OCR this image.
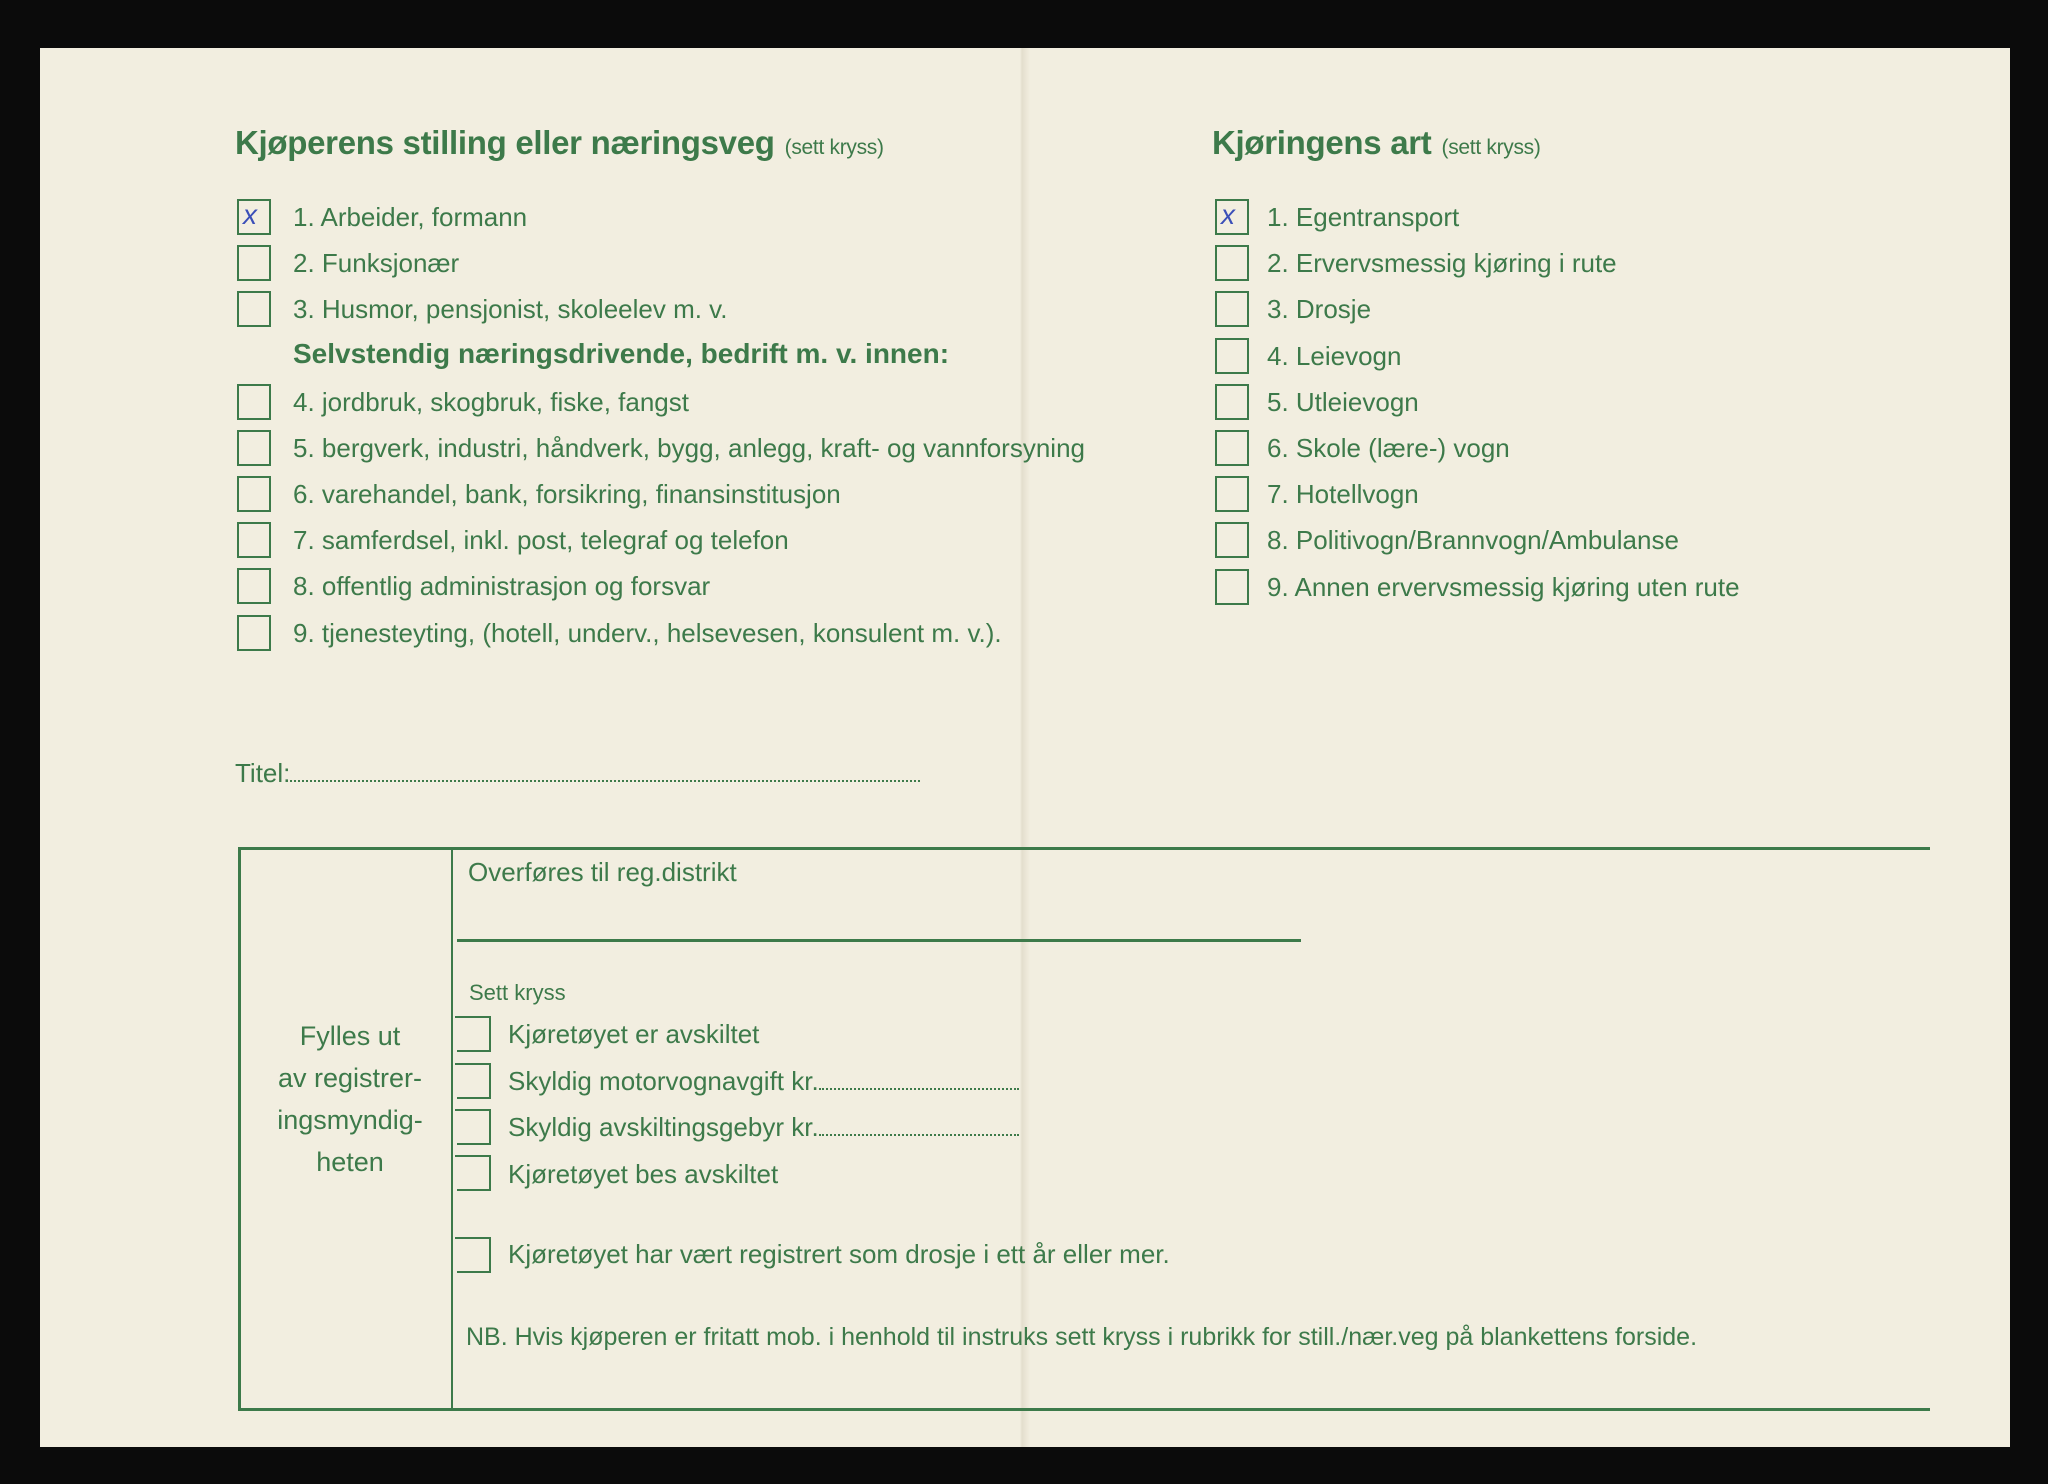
Kjøperens stilling eller næringsveg (sett kryss)
x 1. Arbeider, formann
2. Funksjonær
3. Husmor, pensjonist, skoleelev m. v.
Selvstendig næringsdrivende, bedrift m. v. innen:
4. jordbruk, skogbruk, fiske, fangst
5. bergverk, industri, håndverk, bygg, anlegg, kraft- og vannforsyning
6. varehandel, bank, forsikring, finansinstitusjon
7. samferdsel, inkl. post, telegraf og telefon
8. offentlig administrasjon og forsvar
9. tjenesteyting, (hotell, underv., helsevesen, konsulent m. v.).
Kjøringens art (sett kryss)
x 1. Egentransport
2. Ervervsmessig kjøring i rute
3. Drosje
4. Leievogn
5. Utleievogn
6. Skole (lære-) vogn
7. Hotellvogn
8. Politivogn/Brannvogn/Ambulanse
9. Annen ervervsmessig kjøring uten rute
Titel:
Fylles ut
av registrer-
ingsmyndig-
heten
Overføres til reg.distrikt
Sett kryss
Kjøretøyet er avskiltet
Skyldig motorvognavgift kr.
Skyldig avskiltingsgebyr kr.
Kjøretøyet bes avskiltet
Kjøretøyet har vært registrert som drosje i ett år eller mer.
NB. Hvis kjøperen er fritatt mob. i henhold til instruks sett kryss i rubrikk for still./nær.veg på blankettens forside.
